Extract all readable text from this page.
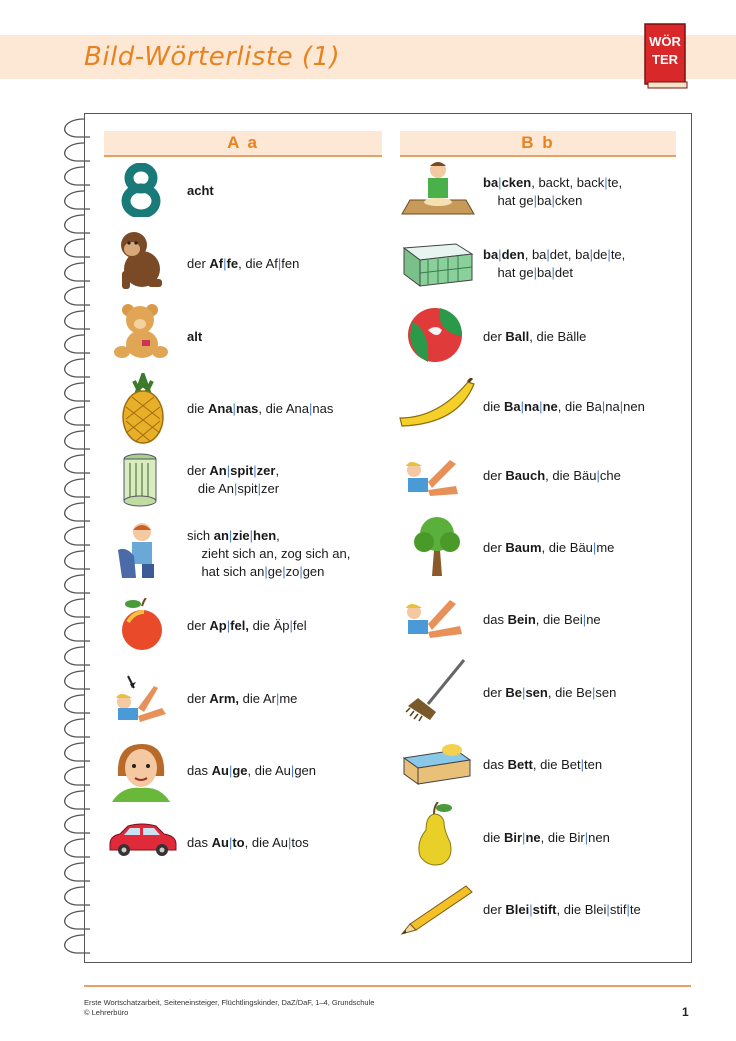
Bild-Wörterliste (1)
WÖR
TER
A a	B b
acht
der Af|fe, die Af|fen
alt
die Ana|nas, die Ana|nas
der An|spit|zer,
die An|spit|zer
sich an|zie|hen,
zieht sich an, zog sich an,
hat sich an|ge|zo|gen
der Ap|fel, die Äp|fel
der Arm, die Ar|me
das Au|ge, die Au|gen
das Au|to, die Au|tos
ba|cken, backt, back|te,
hat ge|ba|cken
ba|den, ba|det, ba|de|te,
hat ge|ba|det
der Ball, die Bälle
die Ba|na|ne, die Ba|na|nen
der Bauch, die Bäu|che
der Baum, die Bäu|me
das Bein, die Bei|ne
der Be|sen, die Be|sen
das Bett, die Bet|ten
die Bir|ne, die Bir|nen
der Blei|stift, die Blei|stif|te
Erste Wortschatzarbeit, Seiteneinsteiger, Flüchtlingskinder, DaZ/DaF, 1–4, Grundschule
© Lehrerbüro	1
